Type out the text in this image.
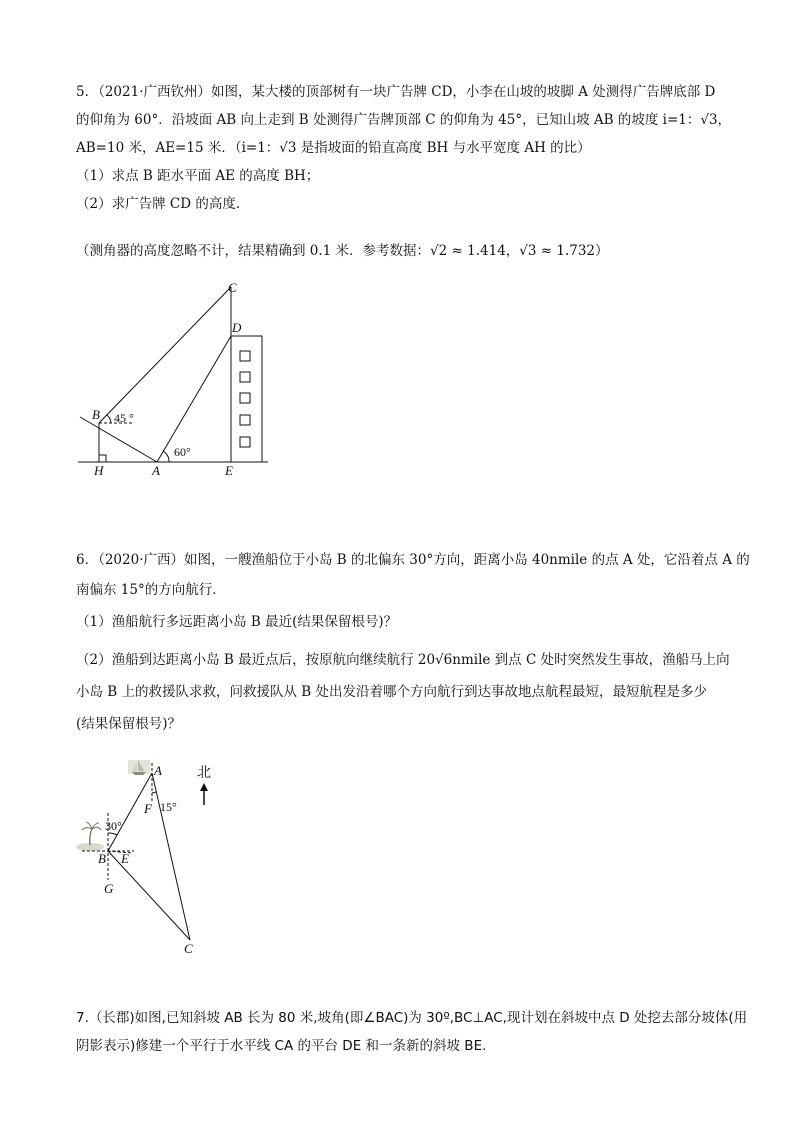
5．（2021·广西钦州）如图，某大楼的顶部树有一块广告牌 CD，小李在山坡的坡脚 A 处测得广告牌底部 D
的仰角为 60°．沿坡面 AB 向上走到 B 处测得广告牌顶部 C 的仰角为 45°，已知山坡 AB 的坡度 i=1：√3，
AB=10 米，AE=15 米．（i=1：√3 是指坡面的铅直高度 BH 与水平宽度 AH 的比）
（1）求点 B 距水平面 AE 的高度 BH；
（2）求广告牌 CD 的高度．
（测角器的高度忽略不计，结果精确到 0.1 米．参考数据：√2 ≈ 1.414，√3 ≈ 1.732）
C
D
B
H	A	E
45 °
60°
6．（2020·广西）如图，一艘渔船位于小岛 B 的北偏东 30°方向，距离小岛 40nmile 的点 A 处，它沿着点 A 的
南偏东 15°的方向航行．
（1）渔船航行多远距离小岛 B 最近(结果保留根号)？
（2）渔船到达距离小岛 B 最近点后，按原航向继续航行 20√6nmile 到点 C 处时突然发生事故，渔船马上向
小岛 B 上的救援队求救，问救援队从 B 处出发沿着哪个方向航行到达事故地点航程最短，最短航程是多少
(结果保留根号)？
北
A
F 15°
30°
B E
G
C
7.（长郡)如图,已知斜坡 AB 长为 80 米,坡角(即∠BAC)为 30º,BC⊥AC,现计划在斜坡中点 D 处挖去部分坡体(用
阴影表示)修建一个平行于水平线 CA 的平台 DE 和一条新的斜坡 BE.
